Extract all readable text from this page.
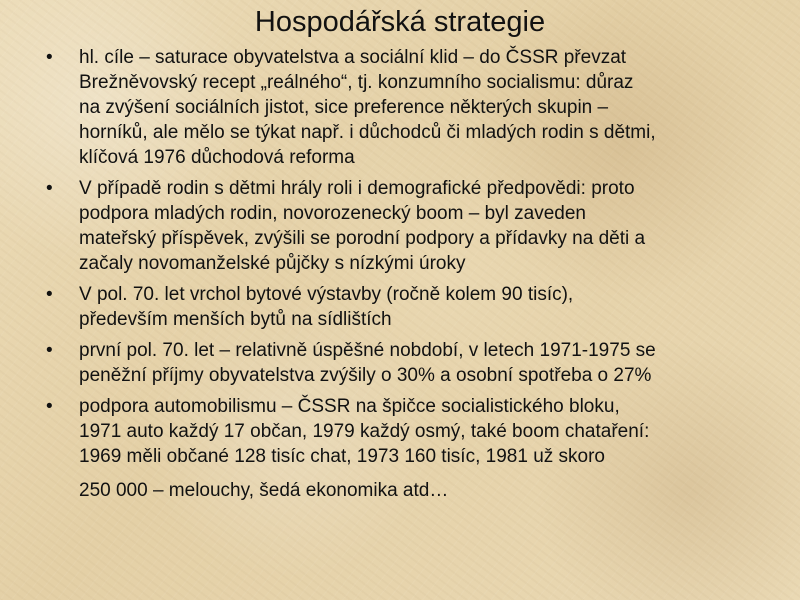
Hospodářská strategie
• hl. cíle – saturace obyvatelstva a sociální klid – do ČSSR převzat
Brežněvovský recept „reálného“, tj. konzumního socialismu: důraz
na zvýšení sociálních jistot, sice preference některých skupin –
horníků, ale mělo se týkat např. i důchodců či mladých rodin s dětmi,
klíčová 1976 důchodová reforma
• V případě rodin s dětmi hrály roli i demografické předpovědi: proto
podpora mladých rodin, novorozenecký boom – byl zaveden
mateřský příspěvek, zvýšili se porodní podpory a přídavky na děti a
začaly novomanželské půjčky s nízkými úroky
• V pol. 70. let vrchol bytové výstavby (ročně kolem 90 tisíc),
především menších bytů na sídlištích
• první pol. 70. let – relativně úspěšné nobdobí, v letech 1971-1975 se
peněžní příjmy obyvatelstva zvýšily o 30% a osobní spotřeba o 27%
• podpora automobilismu – ČSSR na špičce socialistického bloku,
1971 auto každý 17 občan, 1979 každý osmý, také boom chataření:
1969 měli občané 128 tisíc chat, 1973 160 tisíc, 1981 už skoro
250 000 – melouchy, šedá ekonomika atd…
